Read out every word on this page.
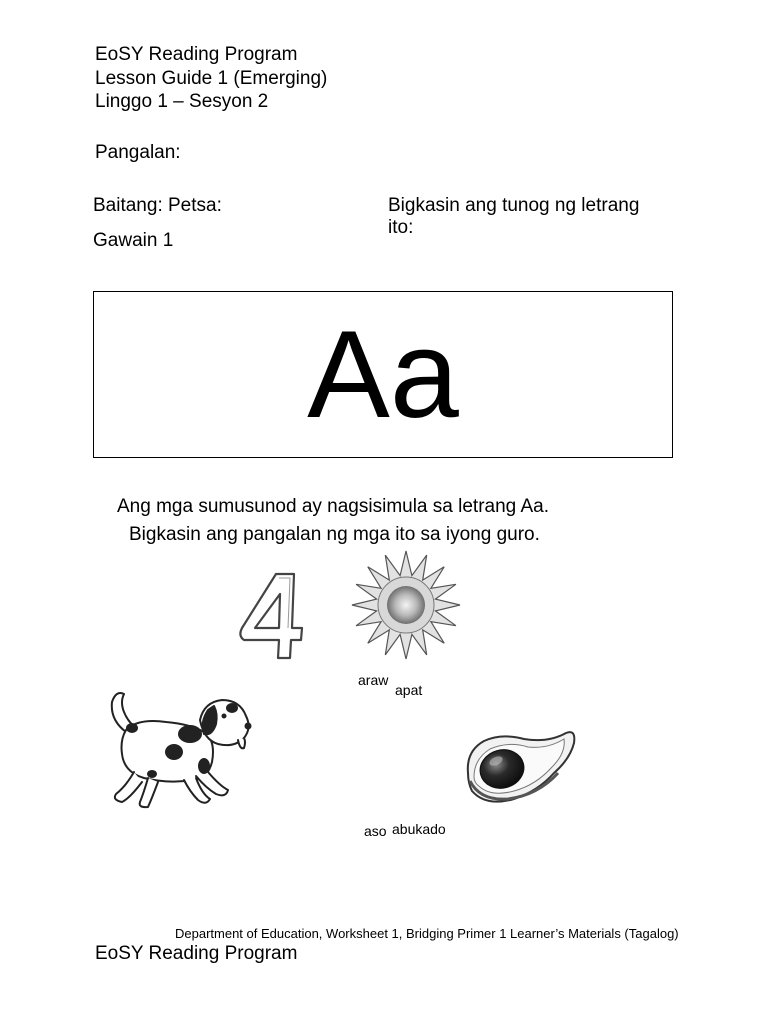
EoSY Reading Program
Lesson Guide 1 (Emerging)
Linggo 1 – Sesyon 2
Pangalan:
Baitang: Petsa:
Gawain 1
Bigkasin ang tunog ng letrang
ito:
Aa
Ang mga sumusunod ay nagsisimula sa letrang Aa.
Bigkasin ang pangalan ng mga ito sa iyong guro.
araw
apat
aso abukado
Department of Education, Worksheet 1, Bridging Primer 1 Learner’s Materials (Tagalog)
EoSY Reading Program
